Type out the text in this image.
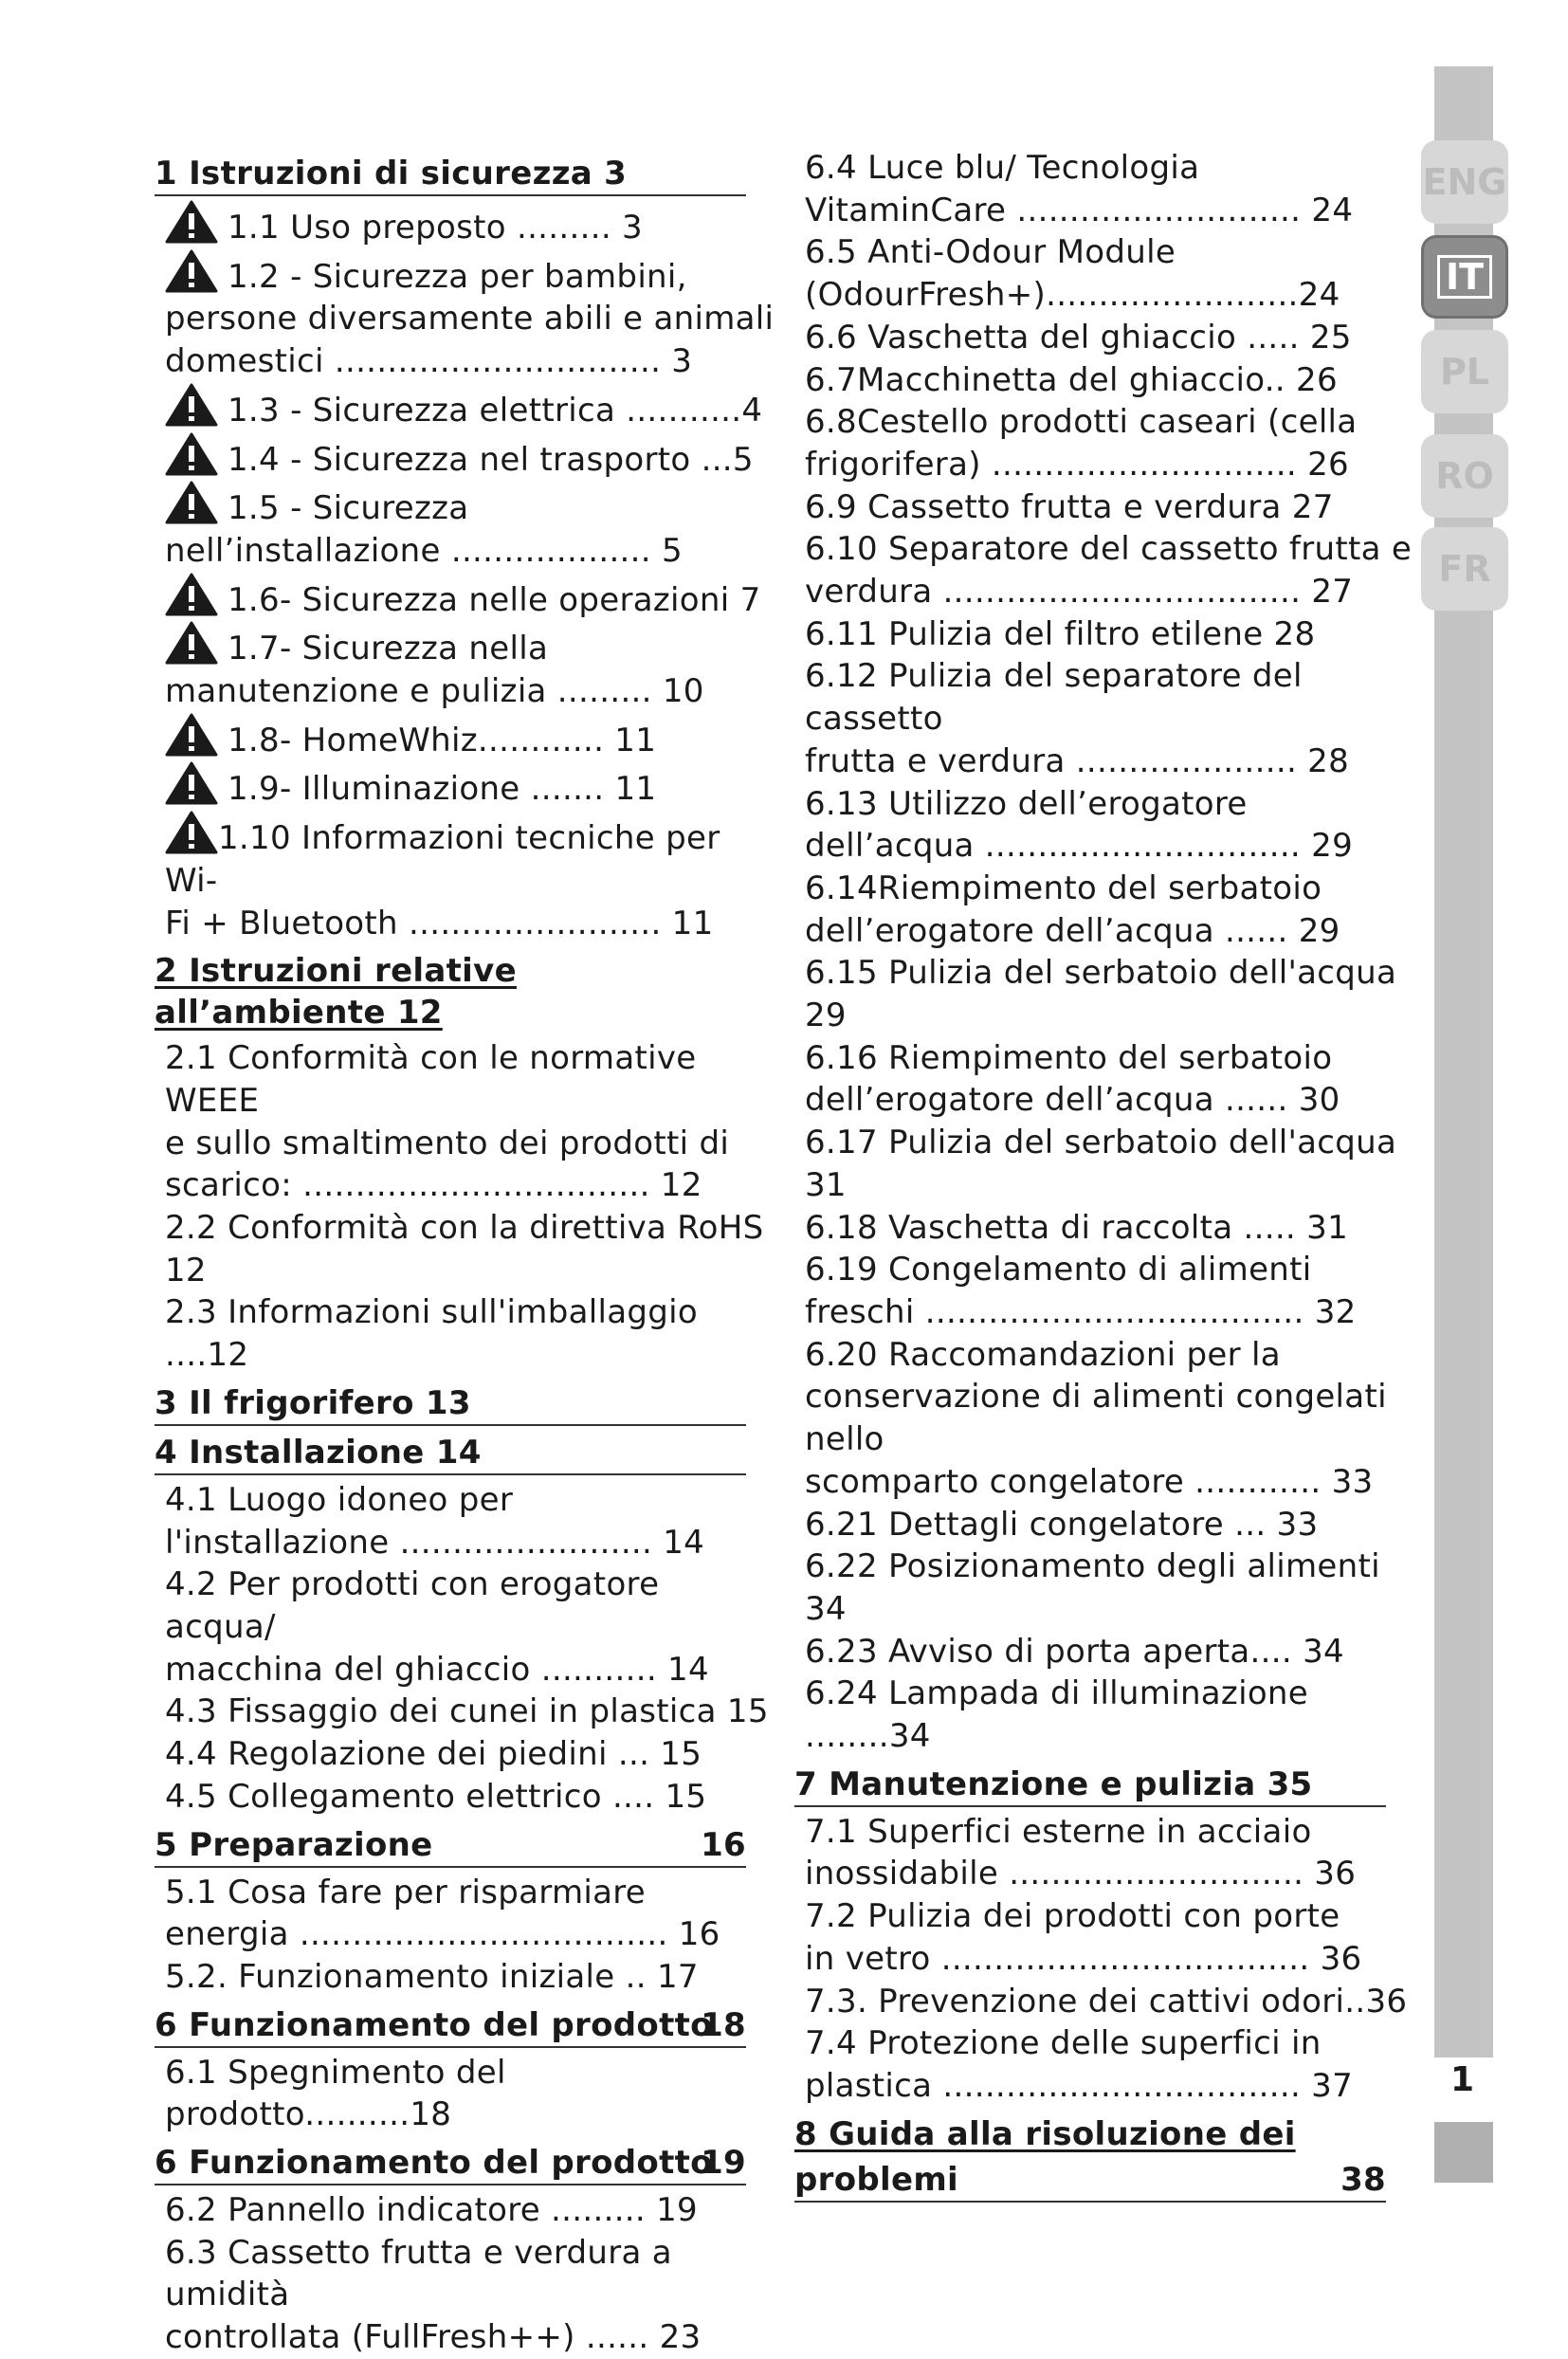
1 Istruzioni di sicurezza 3
1.1 Uso preposto ......... 3
1.2 - Sicurezza per bambini,
persone diversamente abili e animali
domestici ............................... 3
1.3 - Sicurezza elettrica ...........4
1.4 - Sicurezza nel trasporto ...5
1.5 - Sicurezza
nell’installazione ................... 5
1.6- Sicurezza nelle operazioni 7
1.7- Sicurezza nella
manutenzione e pulizia ......... 10
1.8- HomeWhiz............ 11
1.9- Illuminazione ....... 11
1.10 Informazioni tecniche per Wi-
Fi + Bluetooth ........................ 11
2 Istruzioni relative all’ambiente 12
2.1 Conformità con le normative WEEE
e sullo smaltimento dei prodotti di
scarico: ................................. 12
2.2 Conformità con la direttiva RoHS 12
2.3 Informazioni sull'imballaggio ....12
3 Il frigorifero 13
4 Installazione 14
4.1 Luogo idoneo per
l'installazione ........................ 14
4.2 Per prodotti con erogatore acqua/
macchina del ghiaccio ........... 14
4.3 Fissaggio dei cunei in plastica 15
4.4 Regolazione dei piedini ... 15
4.5 Collegamento elettrico .... 15
5 Preparazione	16
5.1 Cosa fare per risparmiare
energia ................................... 16
5.2. Funzionamento iniziale .. 17
6 Funzionamento del prodotto
18
6.1 Spegnimento del prodotto..........18
6 Funzionamento del prodotto
19
6.2 Pannello indicatore ......... 19
6.3 Cassetto frutta e verdura a umidità
controllata (FullFresh++) ...... 23
6.4 Luce blu/ Tecnologia
VitaminCare ........................... 24
6.5 Anti-Odour Module
(OdourFresh+)........................24
6.6 Vaschetta del ghiaccio ..... 25
6.7Macchinetta del ghiaccio.. 26
6.8Cestello prodotti caseari (cella
frigorifera) ............................. 26
6.9 Cassetto frutta e verdura 27
6.10 Separatore del cassetto frutta e
verdura .................................. 27
6.11 Pulizia del filtro etilene 28
6.12 Pulizia del separatore del cassetto
frutta e verdura ..................... 28
6.13 Utilizzo dell’erogatore
dell’acqua .............................. 29
6.14Riempimento del serbatoio
dell’erogatore dell’acqua ...... 29
6.15 Pulizia del serbatoio dell'acqua 29
6.16 Riempimento del serbatoio
dell’erogatore dell’acqua ...... 30
6.17 Pulizia del serbatoio dell'acqua 31
6.18 Vaschetta di raccolta ..... 31
6.19 Congelamento di alimenti
freschi .................................... 32
6.20 Raccomandazioni per la
conservazione di alimenti congelati nello
scomparto congelatore ............ 33
6.21 Dettagli congelatore ... 33
6.22 Posizionamento degli alimenti 34
6.23 Avviso di porta aperta.... 34
6.24 Lampada di illuminazione ........34
7 Manutenzione e pulizia 35
7.1 Superfici esterne in acciaio
inossidabile ............................ 36
7.2 Pulizia dei prodotti con porte
in vetro ................................... 36
7.3. Prevenzione dei cattivi odori..36
7.4 Protezione delle superfici in
plastica .................................. 37
8 Guida alla risoluzione dei
problemi	38
ENG
IT
PL
RO
FR
1
